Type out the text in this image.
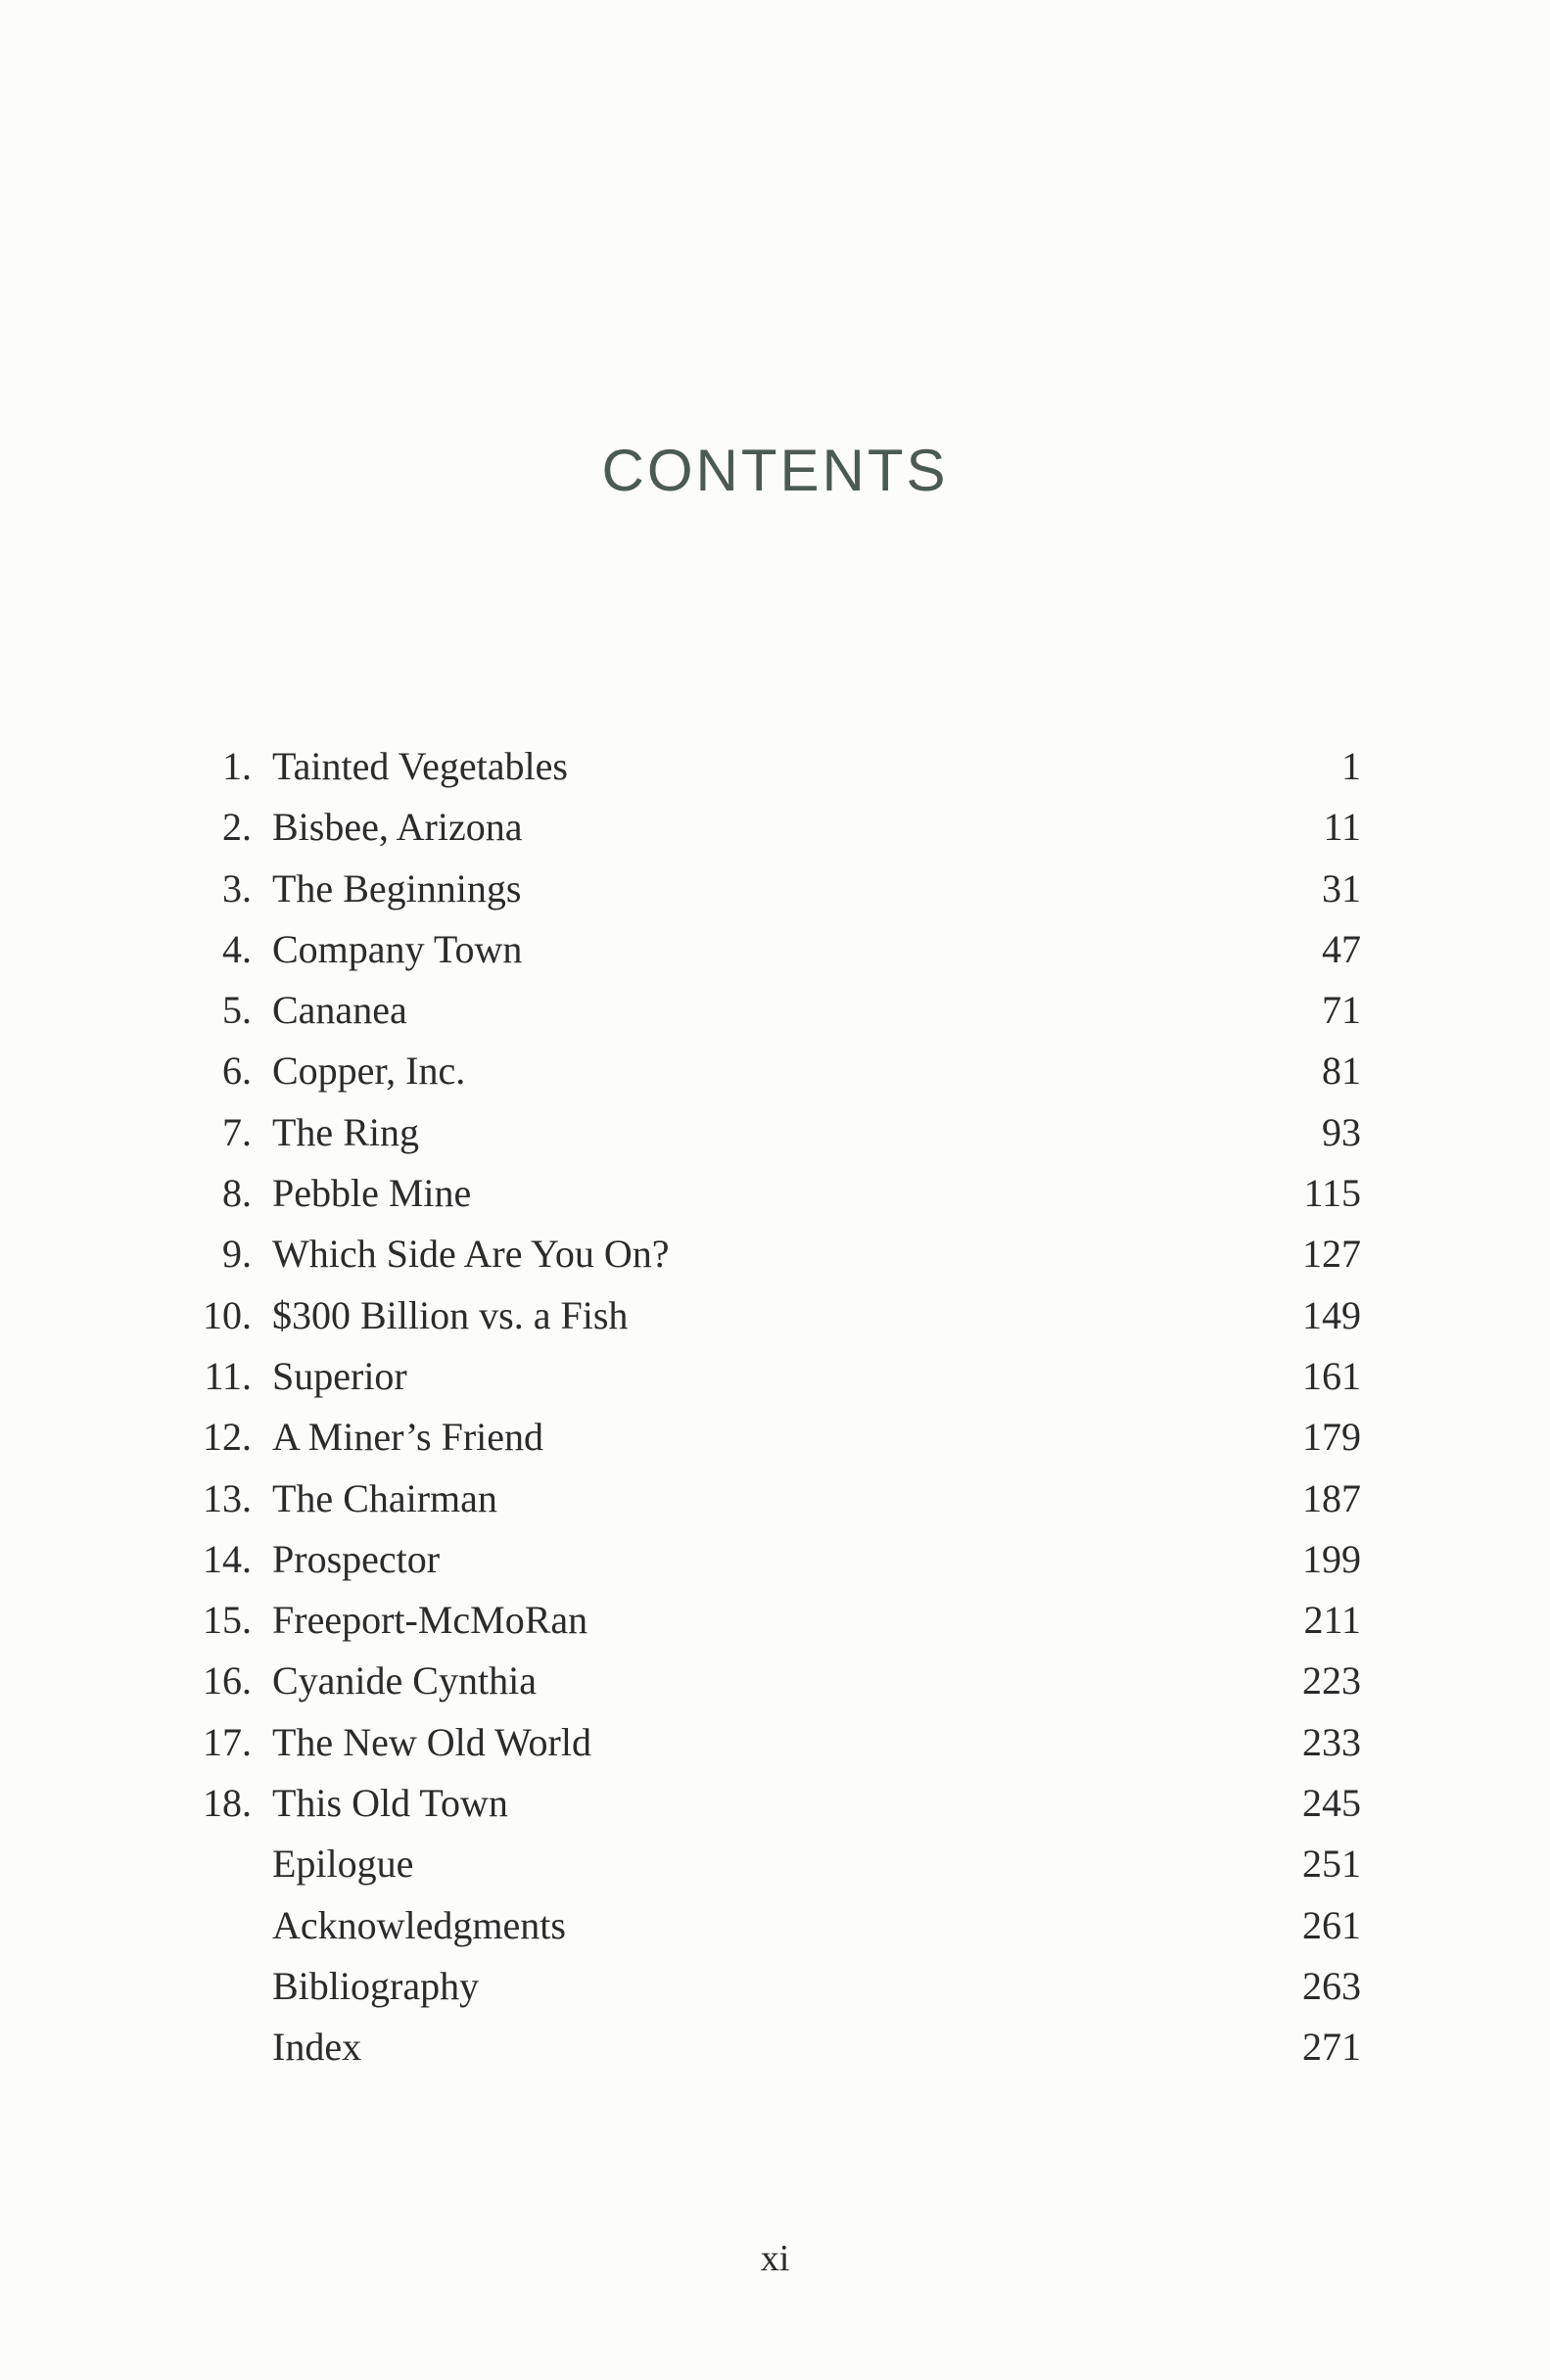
CONTENTS
1. Tainted Vegetables	1
2. Bisbee, Arizona	11
3. The Beginnings	31
4. Company Town	47
5. Cananea	71
6. Copper, Inc.	81
7. The Ring	93
8. Pebble Mine	115
9. Which Side Are You On?	127
10. $300 Billion vs. a Fish	149
11. Superior	161
12. A Miner’s Friend	179
13. The Chairman	187
14. Prospector	199
15. Freeport-McMoRan	211
16. Cyanide Cynthia	223
17. The New Old World	233
18. This Old Town	245
Epilogue	251
Acknowledgments	261
Bibliography	263
Index	271
xi
